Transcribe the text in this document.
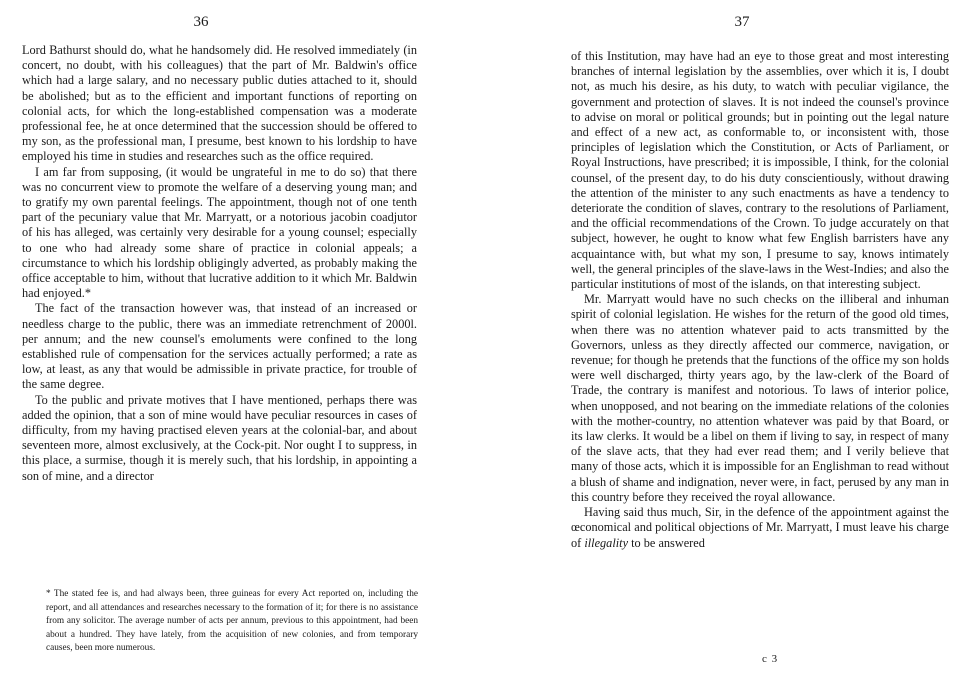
36

Lord Bathurst should do, what he handsomely did. He resolved immediately (in concert, no doubt, with his colleagues) that the part of Mr. Baldwin's office which had a large salary, and no necessary public duties attached to it, should be abolished; but as to the efficient and important functions of reporting on colonial acts, for which the long-established compensation was a moderate professional fee, he at once determined that the succession should be offered to my son, as the professional man, I presume, best known to his lordship to have employed his time in studies and researches such as the office required.

I am far from supposing, (it would be ungrateful in me to do so) that there was no concurrent view to promote the welfare of a deserving young man; and to gratify my own parental feelings. The appointment, though not of one tenth part of the pecuniary value that Mr. Marryatt, or a notorious jacobin coadjutor of his has alleged, was certainly very desirable for a young counsel; especially to one who had already some share of practice in colonial appeals; a circumstance to which his lordship obligingly adverted, as probably making the office acceptable to him, without that lucrative addition to it which Mr. Baldwin had enjoyed.*

The fact of the transaction however was, that instead of an increased or needless charge to the public, there was an immediate retrenchment of 2000l. per annum; and the new counsel's emoluments were confined to the long established rule of compensation for the services actually performed; a rate as low, at least, as any that would be admissible in private practice, for trouble of the same degree.

To the public and private motives that I have mentioned, perhaps there was added the opinion, that a son of mine would have peculiar resources in cases of difficulty, from my having practised eleven years at the colonial-bar, and about seventeen more, almost exclusively, at the Cock-pit. Nor ought I to suppress, in this place, a surmise, though it is merely such, that his lordship, in appointing a son of mine, and a director

* The stated fee is, and had always been, three guineas for every Act reported on, including the report, and all attendances and researches necessary to the formation of it; for there is no assistance from any solicitor. The average number of acts per annum, previous to this appointment, had been about a hundred. They have lately, from the acquisition of new colonies, and from temporary causes, been more numerous.

37

of this Institution, may have had an eye to those great and most interesting branches of internal legislation by the assemblies, over which it is, I doubt not, as much his desire, as his duty, to watch with peculiar vigilance, the government and protection of slaves. It is not indeed the counsel's province to advise on moral or political grounds; but in pointing out the legal nature and effect of a new act, as conformable to, or inconsistent with, those principles of legislation which the Constitution, or Acts of Parliament, or Royal Instructions, have prescribed; it is impossible, I think, for the colonial counsel, of the present day, to do his duty conscientiously, without drawing the attention of the minister to any such enactments as have a tendency to deteriorate the condition of slaves, contrary to the resolutions of Parliament, and the official recommendations of the Crown. To judge accurately on that subject, however, he ought to know what few English barristers have any acquaintance with, but what my son, I presume to say, knows intimately well, the general principles of the slave-laws in the West-Indies; and also the particular institutions of most of the islands, on that interesting subject.

Mr. Marryatt would have no such checks on the illiberal and inhuman spirit of colonial legislation. He wishes for the return of the good old times, when there was no attention whatever paid to acts transmitted by the Governors, unless as they directly affected our commerce, navigation, or revenue; for though he pretends that the functions of the office my son holds were well discharged, thirty years ago, by the law-clerk of the Board of Trade, the contrary is manifest and notorious. To laws of interior police, when unopposed, and not bearing on the immediate relations of the colonies with the mother-country, no attention whatever was paid by that Board, or its law clerks. It would be a libel on them if living to say, in respect of many of the slave acts, that they had ever read them; and I verily believe that many of those acts, which it is impossible for an Englishman to read without a blush of shame and indignation, never were, in fact, perused by any man in this country before they received the royal allowance.

Having said thus much, Sir, in the defence of the appointment against the œconomical and political objections of Mr. Marryatt, I must leave his charge of illegality to be answered

c 3
